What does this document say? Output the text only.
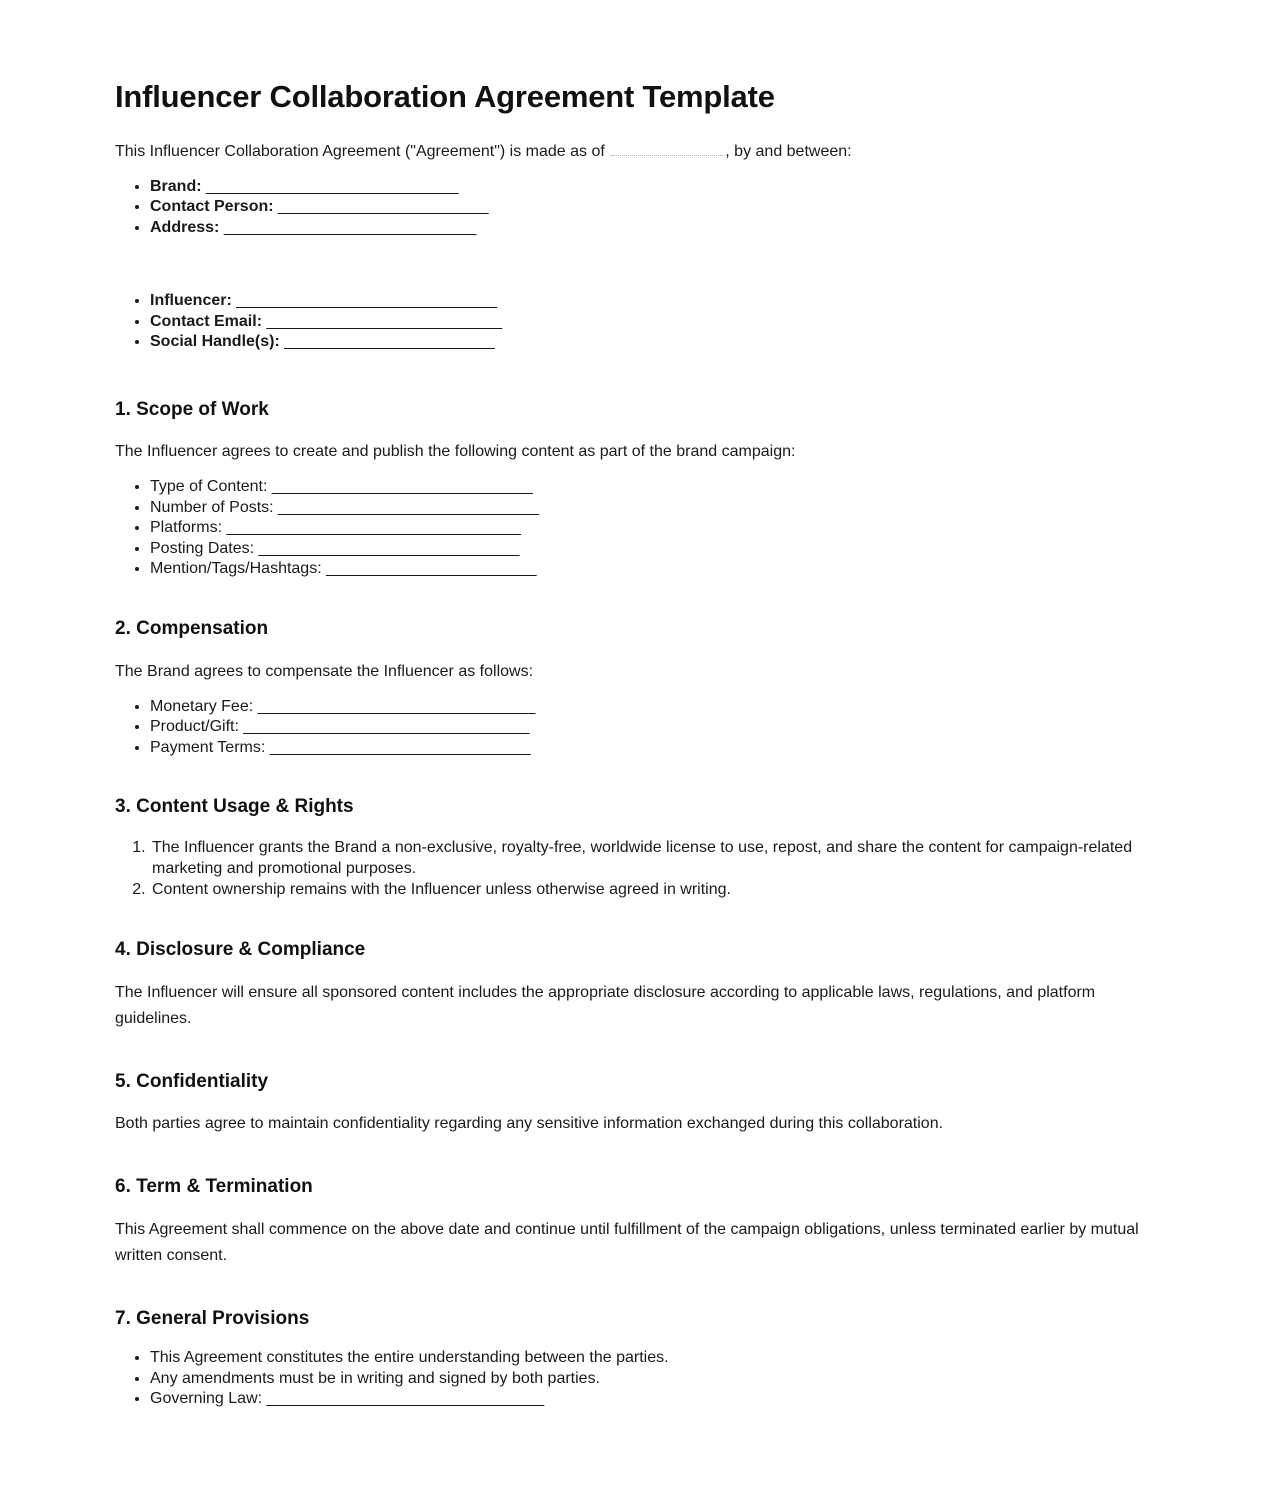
Influencer Collaboration Agreement Template

This Influencer Collaboration Agreement ("Agreement") is made as of	, by and between:

• Brand: ______________________________
• Contact Person: _________________________
• Address: ______________________________
• Influencer: _______________________________
• Contact Email: ____________________________
• Social Handle(s): _________________________
1. Scope of Work

The Influencer agrees to create and publish the following content as part of the brand campaign:

• Type of Content: _______________________________
• Number of Posts: _______________________________
• Platforms: ___________________________________
• Posting Dates: _______________________________
• Mention/Tags/Hashtags: _________________________
2. Compensation

The Brand agrees to compensate the Influencer as follows:

• Monetary Fee: _________________________________
• Product/Gift: __________________________________
• Payment Terms: _______________________________
3. Content Usage & Rights
1. The Influencer grants the Brand a non-exclusive, royalty-free, worldwide license to use, repost, and share the content for campaign-related marketing and promotional purposes.
2. Content ownership remains with the Influencer unless otherwise agreed in writing.
4. Disclosure & Compliance

The Influencer will ensure all sponsored content includes the appropriate disclosure according to applicable laws, regulations, and platform guidelines.

5. Confidentiality

Both parties agree to maintain confidentiality regarding any sensitive information exchanged during this collaboration.

6. Term & Termination

This Agreement shall commence on the above date and continue until fulfillment of the campaign obligations, unless terminated earlier by mutual written consent.

7. General Provisions
• This Agreement constitutes the entire understanding between the parties.
• Any amendments must be in writing and signed by both parties.
• Governing Law: _________________________________
